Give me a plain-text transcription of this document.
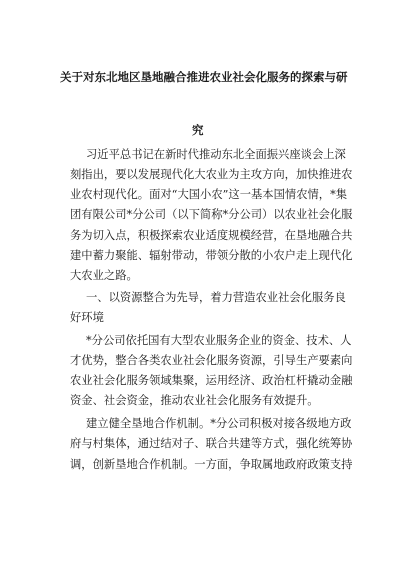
关于对东北地区垦地融合推进农业社会化服务的探索与研
究
习近平总书记在新时代推动东北全面振兴座谈会上深
刻指出，要以发展现代化大农业为主攻方向，加快推进农
业农村现代化。面对“大国小农”这一基本国情农情，*集
团有限公司*分公司（以下简称*分公司）以农业社会化服
务为切入点，积极探索农业适度规模经营，在垦地融合共
建中蓄力聚能、辐射带动，带领分散的小农户走上现代化
大农业之路。
一、以资源整合为先导，着力营造农业社会化服务良
好环境
*分公司依托国有大型农业服务企业的资金、技术、人
才优势，整合各类农业社会化服务资源，引导生产要素向
农业社会化服务领域集聚，运用经济、政治杠杆撬动金融
资金、社会资金，推动农业社会化服务有效提升。
建立健全垦地合作机制。*分公司积极对接各级地方政
府与村集体，通过结对子、联合共建等方式，强化统筹协
调，创新垦地合作机制。一方面，争取属地政府政策支持
